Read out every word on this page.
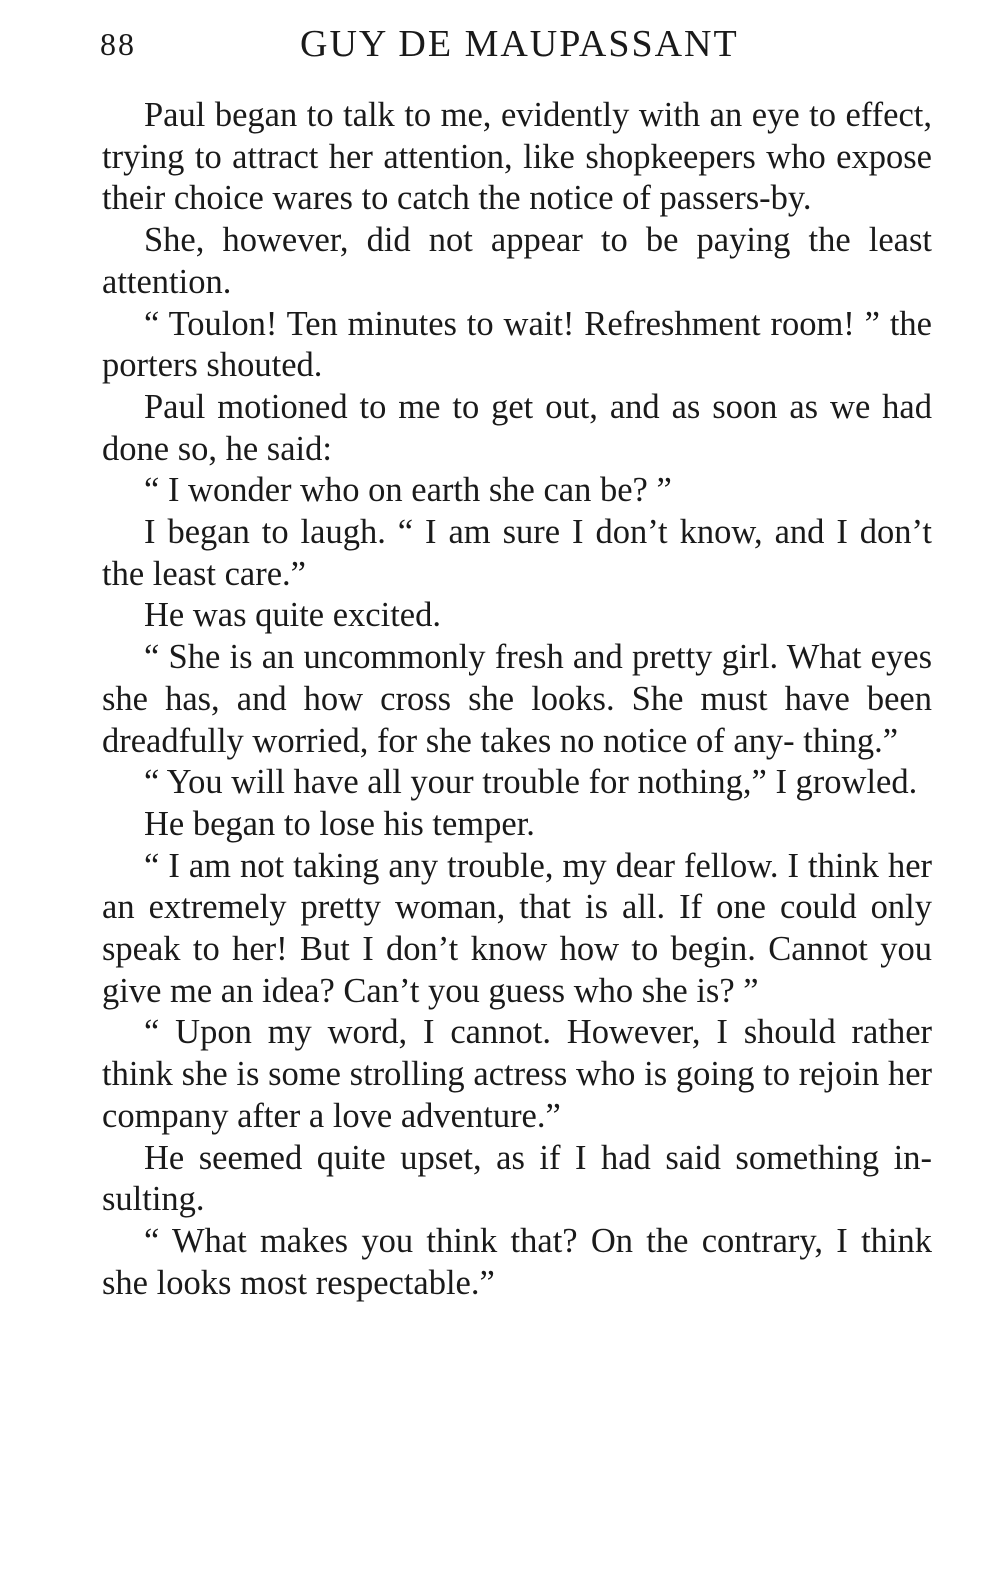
88	GUY DE MAUPASSANT

Paul began to talk to me, evidently with an eye to effect, trying to attract her attention, like shopkeepers who expose their choice wares to catch the notice of passers-by.

She, however, did not appear to be paying the least attention.

“ Toulon! Ten minutes to wait! Refreshment room! ” the porters shouted.

Paul motioned to me to get out, and as soon as we had done so, he said:

“ I wonder who on earth she can be? ”

I began to laugh. “ I am sure I don’t know, and I don’t the least care.”

He was quite excited.

“ She is an uncommonly fresh and pretty girl. What eyes she has, and how cross she looks. She must have been dreadfully worried, for she takes no notice of any- thing.”

“ You will have all your trouble for nothing,” I growled.

He began to lose his temper.

“ I am not taking any trouble, my dear fellow. I think her an extremely pretty woman, that is all. If one could only speak to her! But I don’t know how to begin. Cannot you give me an idea? Can’t you guess who she is? ”

“ Upon my word, I cannot. However, I should rather think she is some strolling actress who is going to rejoin her company after a love adventure.”

He seemed quite upset, as if I had said something in- sulting.

“ What makes you think that? On the contrary, I think she looks most respectable.”
